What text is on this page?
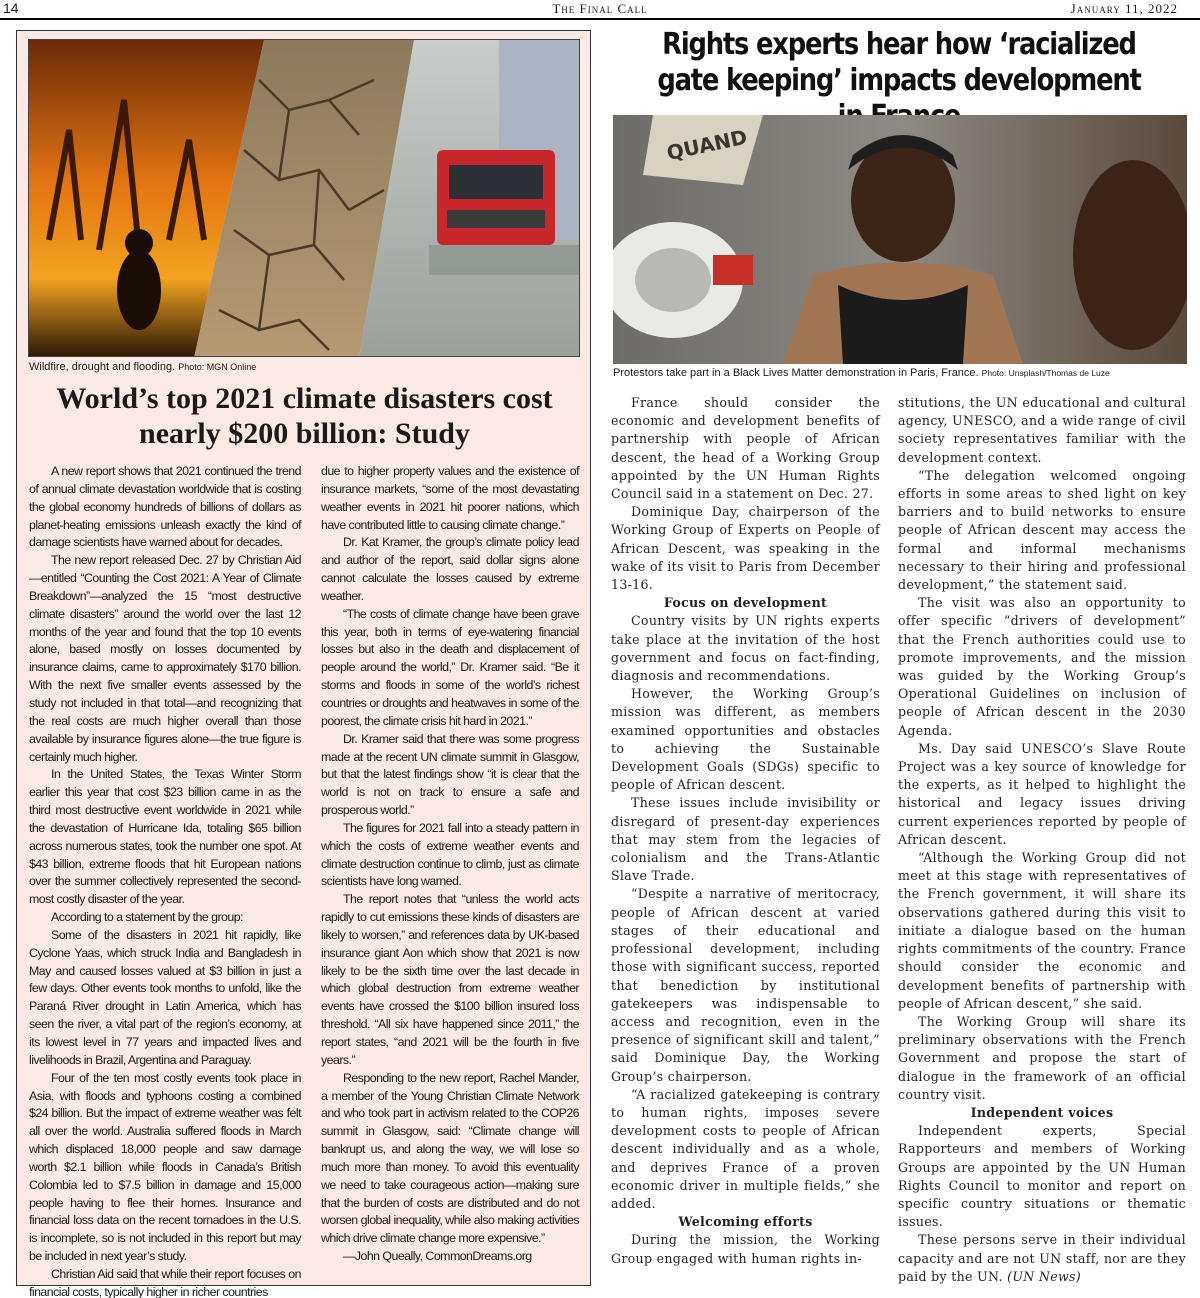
14	The Final Call	January 11, 2022
Wildfire, drought and flooding. Photo: MGN Online
World’s top 2021 climate disasters cost nearly $200 billion: Study

A new report shows that 2021 continued the trend of annual climate devastation worldwide that is costing the global economy hundreds of billions of dollars as planet-heating emissions unleash exactly the kind of damage scientists have warned about for decades.

The new report released Dec. 27 by Christian Aid—entitled “Counting the Cost 2021: A Year of Climate Breakdown”—analyzed the 15 “most destructive climate disasters” around the world over the last 12 months of the year and found that the top 10 events alone, based mostly on losses documented by insurance claims, came to approximately $170 billion. With the next five smaller events assessed by the study not included in that total—and recognizing that the real costs are much higher overall than those available by insurance figures alone—the true figure is certainly much higher.

In the United States, the Texas Winter Storm earlier this year that cost $23 billion came in as the third most destructive event worldwide in 2021 while the devastation of Hurricane Ida, totaling $65 billion across numerous states, took the number one spot. At $43 billion, extreme floods that hit European nations over the summer collectively represented the second-most costly disaster of the year.

According to a statement by the group:

Some of the disasters in 2021 hit rapidly, like Cyclone Yaas, which struck India and Bangladesh in May and caused losses valued at $3 billion in just a few days. Other events took months to unfold, like the Paraná River drought in Latin America, which has seen the river, a vital part of the region’s economy, at its lowest level in 77 years and impacted lives and livelihoods in Brazil, Argentina and Paraguay.

Four of the ten most costly events took place in Asia, with floods and typhoons costing a combined $24 billion. But the impact of extreme weather was felt all over the world. Australia suffered floods in March which displaced 18,000 people and saw damage worth $2.1 billion while floods in Canada’s British Colombia led to $7.5 billion in damage and 15,000 people having to flee their homes. Insurance and financial loss data on the recent tornadoes in the U.S. is incomplete, so is not included in this report but may be included in next year’s study.

Christian Aid said that while their report focuses on financial costs, typically higher in richer countries

due to higher property values and the existence of insurance markets, “some of the most devastating weather events in 2021 hit poorer nations, which have contributed little to causing climate change.”

Dr. Kat Kramer, the group’s climate policy lead and author of the report, said dollar signs alone cannot calculate the losses caused by extreme weather.

“The costs of climate change have been grave this year, both in terms of eye-watering financial losses but also in the death and displacement of people around the world,” Dr. Kramer said. “Be it storms and floods in some of the world’s richest countries or droughts and heatwaves in some of the poorest, the climate crisis hit hard in 2021.”

Dr. Kramer said that there was some progress made at the recent UN climate summit in Glasgow, but that the latest findings show “it is clear that the world is not on track to ensure a safe and prosperous world.”

The figures for 2021 fall into a steady pattern in which the costs of extreme weather events and climate destruction continue to climb, just as climate scientists have long warned.

The report notes that “unless the world acts rapidly to cut emissions these kinds of disasters are likely to worsen,” and references data by UK-based insurance giant Aon which show that 2021 is now likely to be the sixth time over the last decade in which global destruction from extreme weather events have crossed the $100 billion insured loss threshold. “All six have happened since 2011,” the report states, “and 2021 will be the fourth in five years.”

Responding to the new report, Rachel Mander, a member of the Young Christian Climate Network and who took part in activism related to the COP26 summit in Glasgow, said: “Climate change will bankrupt us, and along the way, we will lose so much more than money. To avoid this eventuality we need to take courageous action—making sure that the burden of costs are distributed and do not worsen global inequality, while also making activities which drive climate change more expensive.”

—John Queally, CommonDreams.org

Rights experts hear how ‘racialized gate keeping’ impacts development
QUAND
Protestors take part in a Black Lives Matter demonstration in Paris, France. Photo: Unsplash/Thomas de Luze

France should consider the economic and development benefits of partnership with people of African descent, the head of a Working Group appointed by the UN Human Rights Council said in a statement on Dec. 27.

Dominique Day, chairperson of the Working Group of Experts on People of African Descent, was speaking in the wake of its visit to Paris from December 13-16.

Focus on development

Country visits by UN rights experts take place at the invitation of the host government and focus on fact-finding, diagnosis and recommendations.

However, the Working Group’s mission was different, as members examined opportunities and obstacles to achieving the Sustainable Development Goals (SDGs) specific to people of African descent.

These issues include invisibility or disregard of present-day experiences that may stem from the legacies of colonialism and the Trans-Atlantic Slave Trade.

“Despite a narrative of meritocracy, people of African descent at varied stages of their educational and professional development, including those with significant success, reported that benediction by institutional gatekeepers was indispensable to access and recognition, even in the presence of significant skill and talent,” said Dominique Day, the Working Group’s chairperson.

“A racialized gatekeeping is contrary to human rights, imposes severe development costs to people of African descent individually and as a whole, and deprives France of a proven economic driver in multiple fields,” she added.

Welcoming efforts

During the mission, the Working Group engaged with human rights in-

stitutions, the UN educational and cultural agency, UNESCO, and a wide range of civil society representatives familiar with the development context.

“The delegation welcomed ongoing efforts in some areas to shed light on key barriers and to build networks to ensure people of African descent may access the formal and informal mechanisms necessary to their hiring and professional development,” the statement said.

The visit was also an opportunity to offer specific “drivers of development” that the French authorities could use to promote improvements, and the mission was guided by the Working Group’s Operational Guidelines on inclusion of people of African descent in the 2030 Agenda.

Ms. Day said UNESCO’s Slave Route Project was a key source of knowledge for the experts, as it helped to highlight the historical and legacy issues driving current experiences reported by people of African descent.

“Although the Working Group did not meet at this stage with representatives of the French government, it will share its observations gathered during this visit to initiate a dialogue based on the human rights commitments of the country. France should consider the economic and development benefits of partnership with people of African descent,” she said.

The Working Group will share its preliminary observations with the French Government and propose the start of dialogue in the framework of an official country visit.

Independent voices

Independent experts, Special Rapporteurs and members of Working Groups are appointed by the UN Human Rights Council to monitor and report on specific country situations or thematic issues.

These persons serve in their individual capacity and are not UN staff, nor are they paid by the UN. (UN News)
